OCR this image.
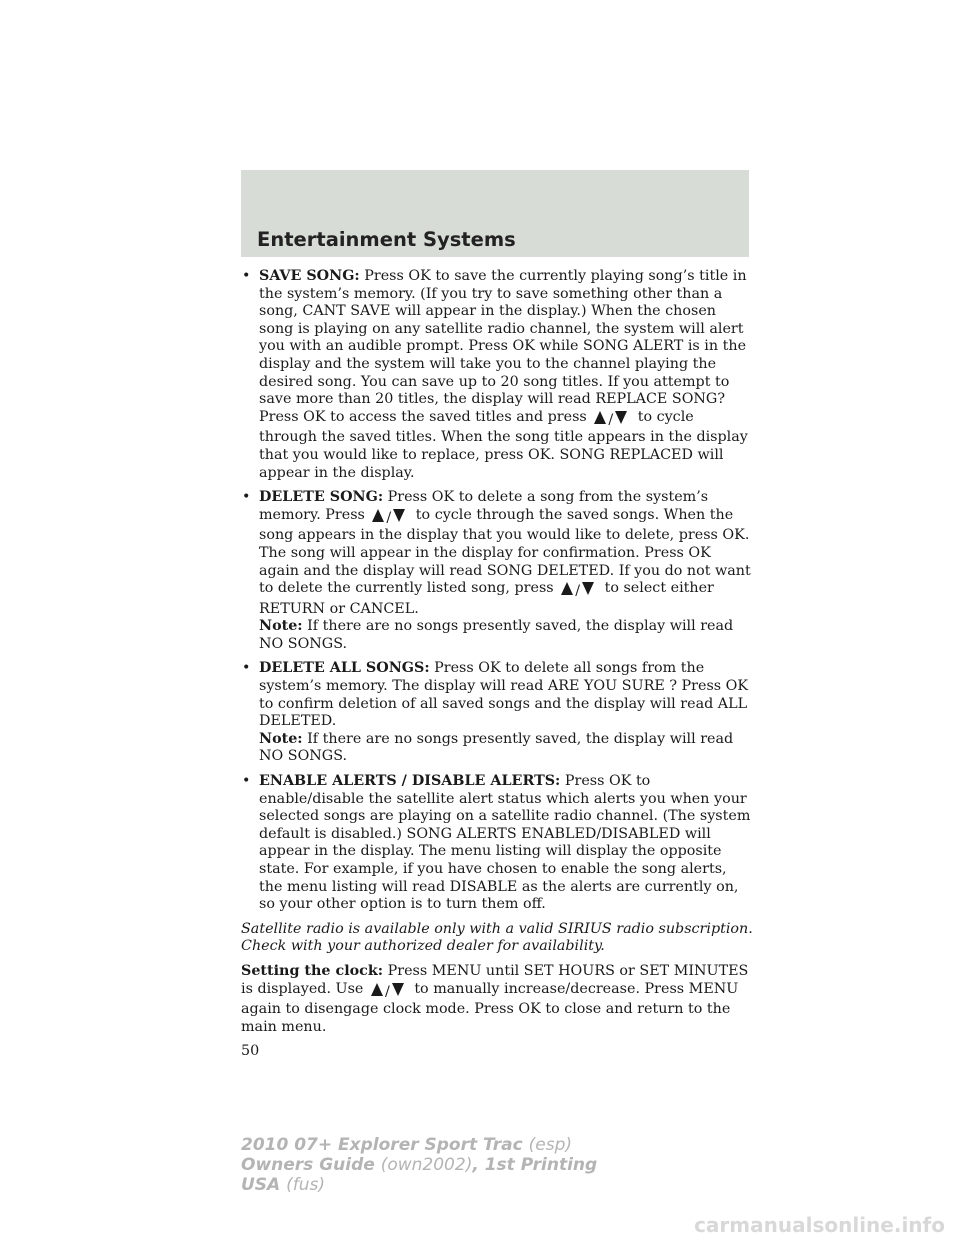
Entertainment Systems
• SAVE SONG: Press OK to save the currently playing song’s title in the system’s memory. (If you try to save something other than a song, CANT SAVE will appear in the display.) When the chosen song is playing on any satellite radio channel, the system will alert you with an audible prompt. Press OK while SONG ALERT is in the display and the system will take you to the channel playing the desired song. You can save up to 20 song titles. If you attempt to save more than 20 titles, the display will read REPLACE SONG? Press OK to access the saved titles and press / to cycle through the saved titles. When the song title appears in the display that you would like to replace, press OK. SONG REPLACED will appear in the display.
• DELETE SONG: Press OK to delete a song from the system’s memory. Press / to cycle through the saved songs. When the song appears in the display that you would like to delete, press OK. The song will appear in the display for confirmation. Press OK again and the display will read SONG DELETED. If you do not want to delete the currently listed song, press / to select either RETURN or CANCEL.
Note: If there are no songs presently saved, the display will read NO SONGS.
• DELETE ALL SONGS: Press OK to delete all songs from the system’s memory. The display will read ARE YOU SURE ? Press OK to confirm deletion of all saved songs and the display will read ALL DELETED.
Note: If there are no songs presently saved, the display will read NO SONGS.
• ENABLE ALERTS / DISABLE ALERTS: Press OK to enable/disable the satellite alert status which alerts you when your selected songs are playing on a satellite radio channel. (The system default is disabled.) SONG ALERTS ENABLED/DISABLED will appear in the display. The menu listing will display the opposite state. For example, if you have chosen to enable the song alerts, the menu listing will read DISABLE as the alerts are currently on, so your other option is to turn them off.

Satellite radio is available only with a valid SIRIUS radio subscription. Check with your authorized dealer for availability.

Setting the clock: Press MENU until SET HOURS or SET MINUTES is displayed. Use / to manually increase/decrease. Press MENU again to disengage clock mode. Press OK to close and return to the main menu.

50
2010 07+ Explorer Sport Trac (esp)
Owners Guide (own2002), 1st Printing
USA (fus)
carmanualsonline.info
